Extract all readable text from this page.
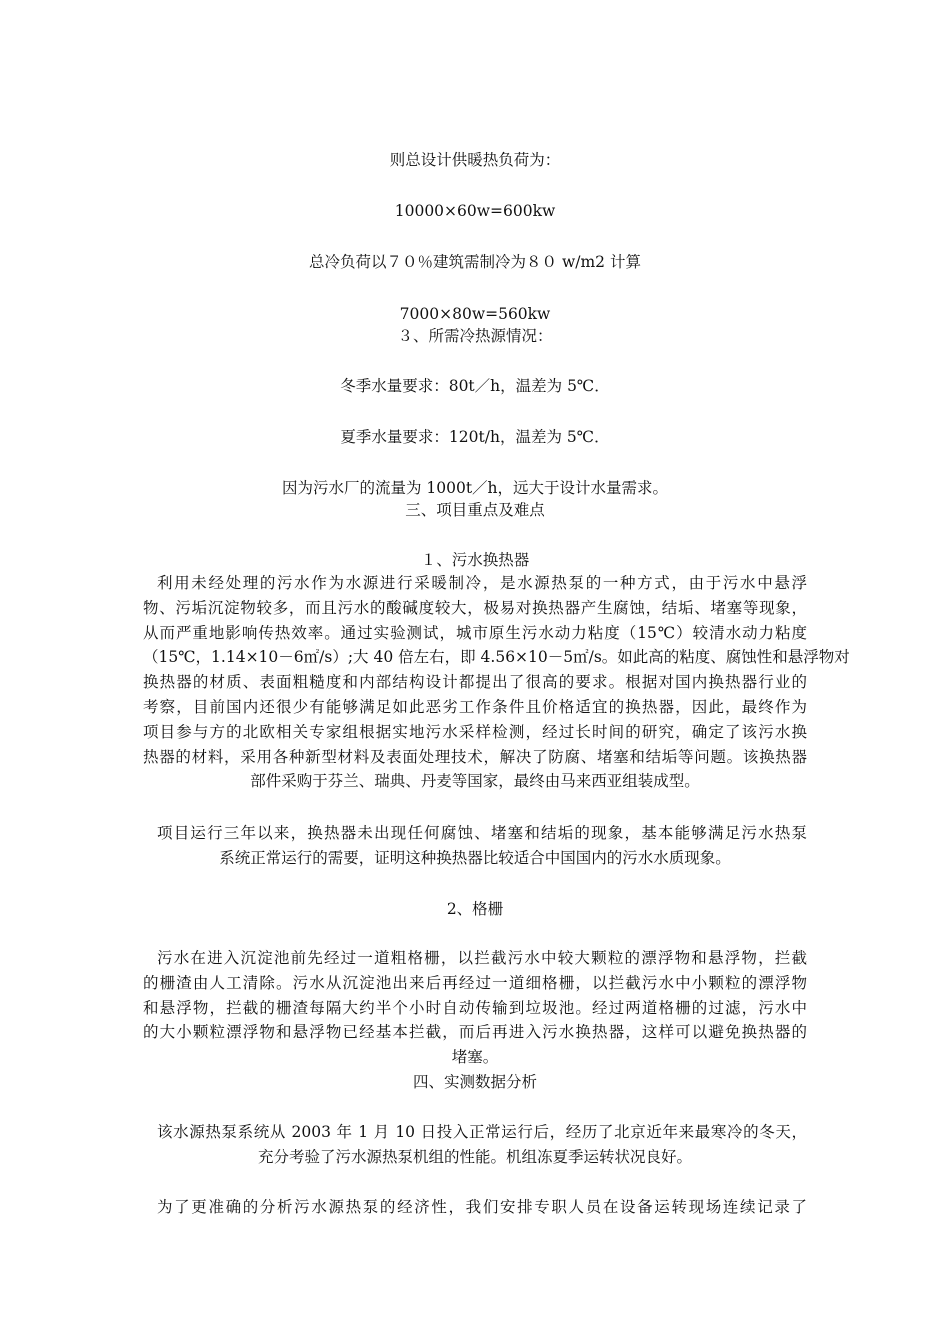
则总设计供暖热负荷为：
10000×60w=600kw
总冷负荷以７０％建筑需制冷为８０ w/m2 计算
7000×80w=560kw
３、所需冷热源情况：
冬季水量要求：80t／h，温差为 5℃．
夏季水量要求：120t/h，温差为 5℃．
因为污水厂的流量为 1000t／h，远大于设计水量需求。
三、项目重点及难点
１、污水换热器
利用未经处理的污水作为水源进行采暖制冷，是水源热泵的一种方式，由于污水中悬浮
物、污垢沉淀物较多，而且污水的酸碱度较大，极易对换热器产生腐蚀，结垢、堵塞等现象，
从而严重地影响传热效率。通过实验测试，城市原生污水动力粘度（15℃）较清水动力粘度
（15℃，1.14×10－6㎡/s）;大 40 倍左右，即 4.56×10－5㎡/s。如此高的粘度、腐蚀性和悬浮物对
换热器的材质、表面粗糙度和内部结构设计都提出了很高的要求。根据对国内换热器行业的
考察，目前国内还很少有能够满足如此恶劣工作条件且价格适宜的换热器，因此，最终作为
项目参与方的北欧相关专家组根据实地污水采样检测，经过长时间的研究，确定了该污水换
热器的材料，采用各种新型材料及表面处理技术，解决了防腐、堵塞和结垢等问题。该换热器
部件采购于芬兰、瑞典、丹麦等国家，最终由马来西亚组装成型。
项目运行三年以来，换热器未出现任何腐蚀、堵塞和结垢的现象，基本能够满足污水热泵
系统正常运行的需要，证明这种换热器比较适合中国国内的污水水质现象。
2、格栅
污水在进入沉淀池前先经过一道粗格栅，以拦截污水中较大颗粒的漂浮物和悬浮物，拦截
的栅渣由人工清除。污水从沉淀池出来后再经过一道细格栅，以拦截污水中小颗粒的漂浮物
和悬浮物，拦截的栅渣每隔大约半个小时自动传输到垃圾池。经过两道格栅的过滤，污水中
的大小颗粒漂浮物和悬浮物已经基本拦截，而后再进入污水换热器，这样可以避免换热器的
堵塞。
四、实测数据分析
该水源热泵系统从 2003 年 1 月 10 日投入正常运行后，经历了北京近年来最寒冷的冬天，
充分考验了污水源热泵机组的性能。机组冻夏季运转状况良好。
为了更准确的分析污水源热泵的经济性，我们安排专职人员在设备运转现场连续记录了
